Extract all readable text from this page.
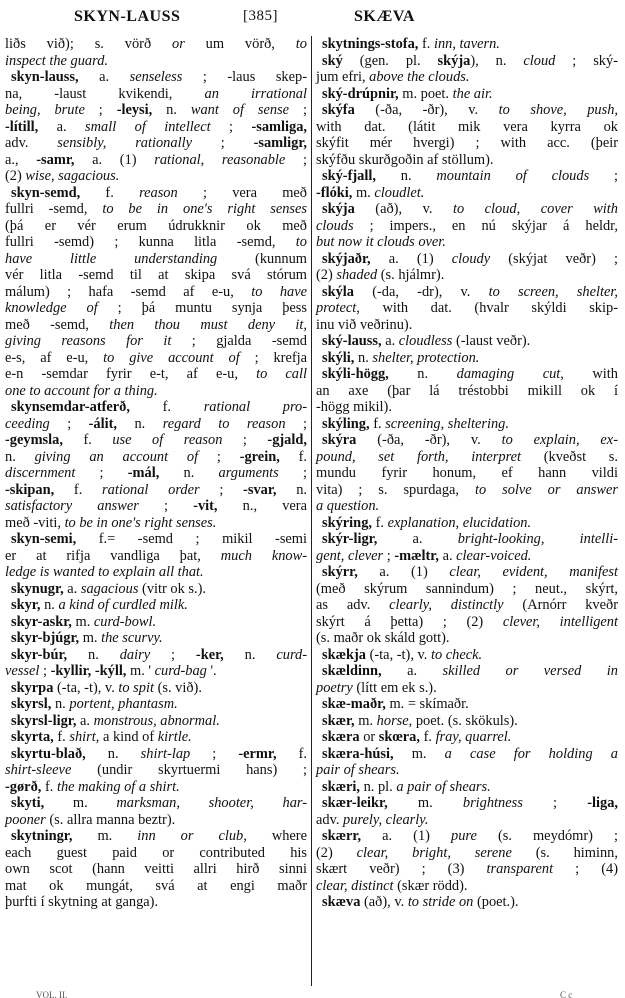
SKYN-LAUSS	[385]	SKÆVA
liðs við); s. vörð or um vörð, to
inspect the guard.
skyn-lauss, a. senseless ; -laus skep-
na, -laust kvikendi, an irrational
being, brute ; -leysi, n. want of sense ;
-lítill, a. small of intellect ; -samliga,
adv. sensibly, rationally ; -samligr,
a., -samr, a. (1) rational, reasonable ;
(2) wise, sagacious.
skyn-semd, f. reason ; vera með
fullri -semd, to be in one's right senses
(þá er vér erum údrukknir ok með
fullri -semd) ; kunna litla -semd, to
have little understanding (kunnum
vér litla -semd til at skipa svá stórum
málum) ; hafa -semd af e-u, to have
knowledge of ; þá muntu synja þess
með -semd, then thou must deny it,
giving reasons for it ; gjalda -semd
e-s, af e-u, to give account of ; krefja
e-n -semdar fyrir e-t, af e-u, to call
one to account for a thing.
skynsemdar-atferð, f. rational pro-
ceeding ; -álit, n. regard to reason ;
-geymsla, f. use of reason ; -gjald,
n. giving an account of ; -grein, f.
discernment ; -mál, n. arguments ;
-skipan, f. rational order ; -svar, n.
satisfactory answer ; -vit, n., vera
með -viti, to be in one's right senses.
skyn-semi, f.= -semd ; mikil -semi
er at rifja vandliga þat, much know-
ledge is wanted to explain all that.
skynugr, a. sagacious (vitr ok s.).
skyr, n. a kind of curdled milk.
skyr-askr, m. curd-bowl.
skyr-bjúgr, m. the scurvy.
skyr-búr, n. dairy ; -ker, n. curd-
vessel ; -kyllir, -kýll, m. ' curd-bag '.
skyrpa (-ta, -t), v. to spit (s. við).
skyrsl, n. portent, phantasm.
skyrsl-ligr, a. monstrous, abnormal.
skyrta, f. shirt, a kind of kirtle.
skyrtu-blað, n. shirt-lap ; -ermr, f.
shirt-sleeve (undir skyrtuermi hans) ;
-gørð, f. the making of a shirt.
skyti, m. marksman, shooter, har-
pooner (s. allra manna beztr).
skytningr, m. inn or club, where
each guest paid or contributed his
own scot (hann veitti allri hirð sinni
mat ok mungát, svá at engi maðr
þurfti í skytning at ganga).
skytnings-stofa, f. inn, tavern.
ský (gen. pl. skýja), n. cloud ; ský-
jum efri, above the clouds.
ský-drúpnir, m. poet. the air.
skýfa (-ða, -ðr), v. to shove, push,
with dat. (látit mik vera kyrra ok
skýfit mér hvergi) ; with acc. (þeir
skýfðu skurðgoðin af stöllum).
ský-fjall, n. mountain of clouds ;
-flóki, m. cloudlet.
skýja (að), v. to cloud, cover with
clouds ; impers., en nú skýjar á heldr,
but now it clouds over.
skýjaðr, a. (1) cloudy (skýjat veðr) ;
(2) shaded (s. hjálmr).
skýla (-da, -dr), v. to screen, shelter,
protect, with dat. (hvalr skýldi skip-
inu við veðrinu).
ský-lauss, a. cloudless (-laust veðr).
skýli, n. shelter, protection.
skýli-högg, n. damaging cut, with
an axe (þar lá tréstobbi mikill ok í
-högg mikil).
skýling, f. screening, sheltering.
skýra (-ða, -ðr), v. to explain, ex-
pound, set forth, interpret (kveðst s.
mundu fyrir honum, ef hann vildi
vita) ; s. spurdaga, to solve or answer
a question.
skýring, f. explanation, elucidation.
skýr-ligr, a. bright-looking, intelli-
gent, clever ; -mæltr, a. clear-voiced.
skýrr, a. (1) clear, evident, manifest
(með skýrum sannindum) ; neut., skýrt,
as adv. clearly, distinctly (Arnórr kveðr
skýrt á þetta) ; (2) clever, intelligent
(s. maðr ok skáld gott).
skækja (-ta, -t), v. to check.
skældinn, a. skilled or versed in
poetry (lítt em ek s.).
skæ-maðr, m. = skímaðr.
skær, m. horse, poet. (s. skökuls).
skæra or skœra, f. fray, quarrel.
skæra-húsi, m. a case for holding a
pair of shears.
skæri, n. pl. a pair of shears.
skær-leikr, m. brightness ; -liga,
adv. purely, clearly.
skærr, a. (1) pure (s. meydómr) ;
(2) clear, bright, serene (s. himinn,
skært veðr) ; (3) transparent ; (4)
clear, distinct (skær rödd).
skæva (að), v. to stride on (poet.).
VOL. II.	C c
